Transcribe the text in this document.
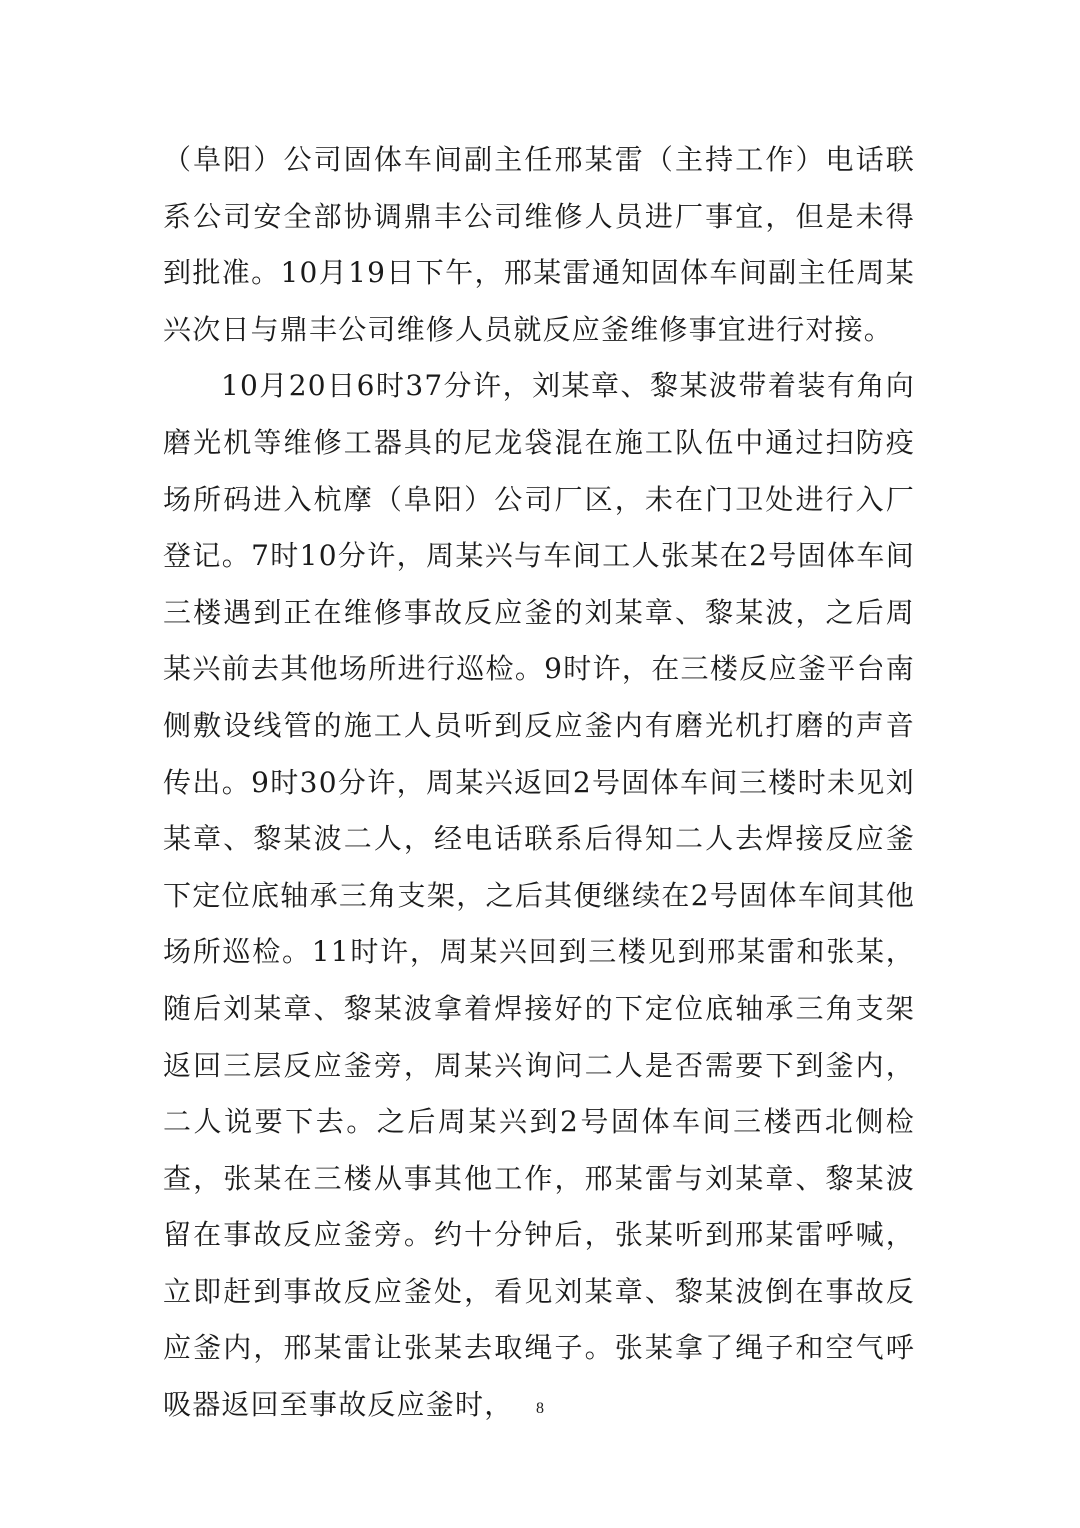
（阜阳）公司固体车间副主任邢某雷（主持工作）电话联系公司安全部协调鼎丰公司维修人员进厂事宜，但是未得到批准。10月19日下午，邢某雷通知固体车间副主任周某兴次日与鼎丰公司维修人员就反应釜维修事宜进行对接。

10月20日6时37分许，刘某章、黎某波带着装有角向磨光机等维修工器具的尼龙袋混在施工队伍中通过扫防疫场所码进入杭摩（阜阳）公司厂区，未在门卫处进行入厂登记。7时10分许，周某兴与车间工人张某在2号固体车间三楼遇到正在维修事故反应釜的刘某章、黎某波，之后周某兴前去其他场所进行巡检。9时许，在三楼反应釜平台南侧敷设线管的施工人员听到反应釜内有磨光机打磨的声音传出。9时30分许，周某兴返回2号固体车间三楼时未见刘某章、黎某波二人，经电话联系后得知二人去焊接反应釜下定位底轴承三角支架，之后其便继续在2号固体车间其他场所巡检。11时许，周某兴回到三楼见到邢某雷和张某，随后刘某章、黎某波拿着焊接好的下定位底轴承三角支架返回三层反应釜旁，周某兴询问二人是否需要下到釜内，二人说要下去。之后周某兴到2号固体车间三楼西北侧检查，张某在三楼从事其他工作，邢某雷与刘某章、黎某波留在事故反应釜旁。约十分钟后，张某听到邢某雷呼喊，立即赶到事故反应釜处，看见刘某章、黎某波倒在事故反应釜内，邢某雷让张某去取绳子。张某拿了绳子和空气呼吸器返回至事故反应釜时，	8
